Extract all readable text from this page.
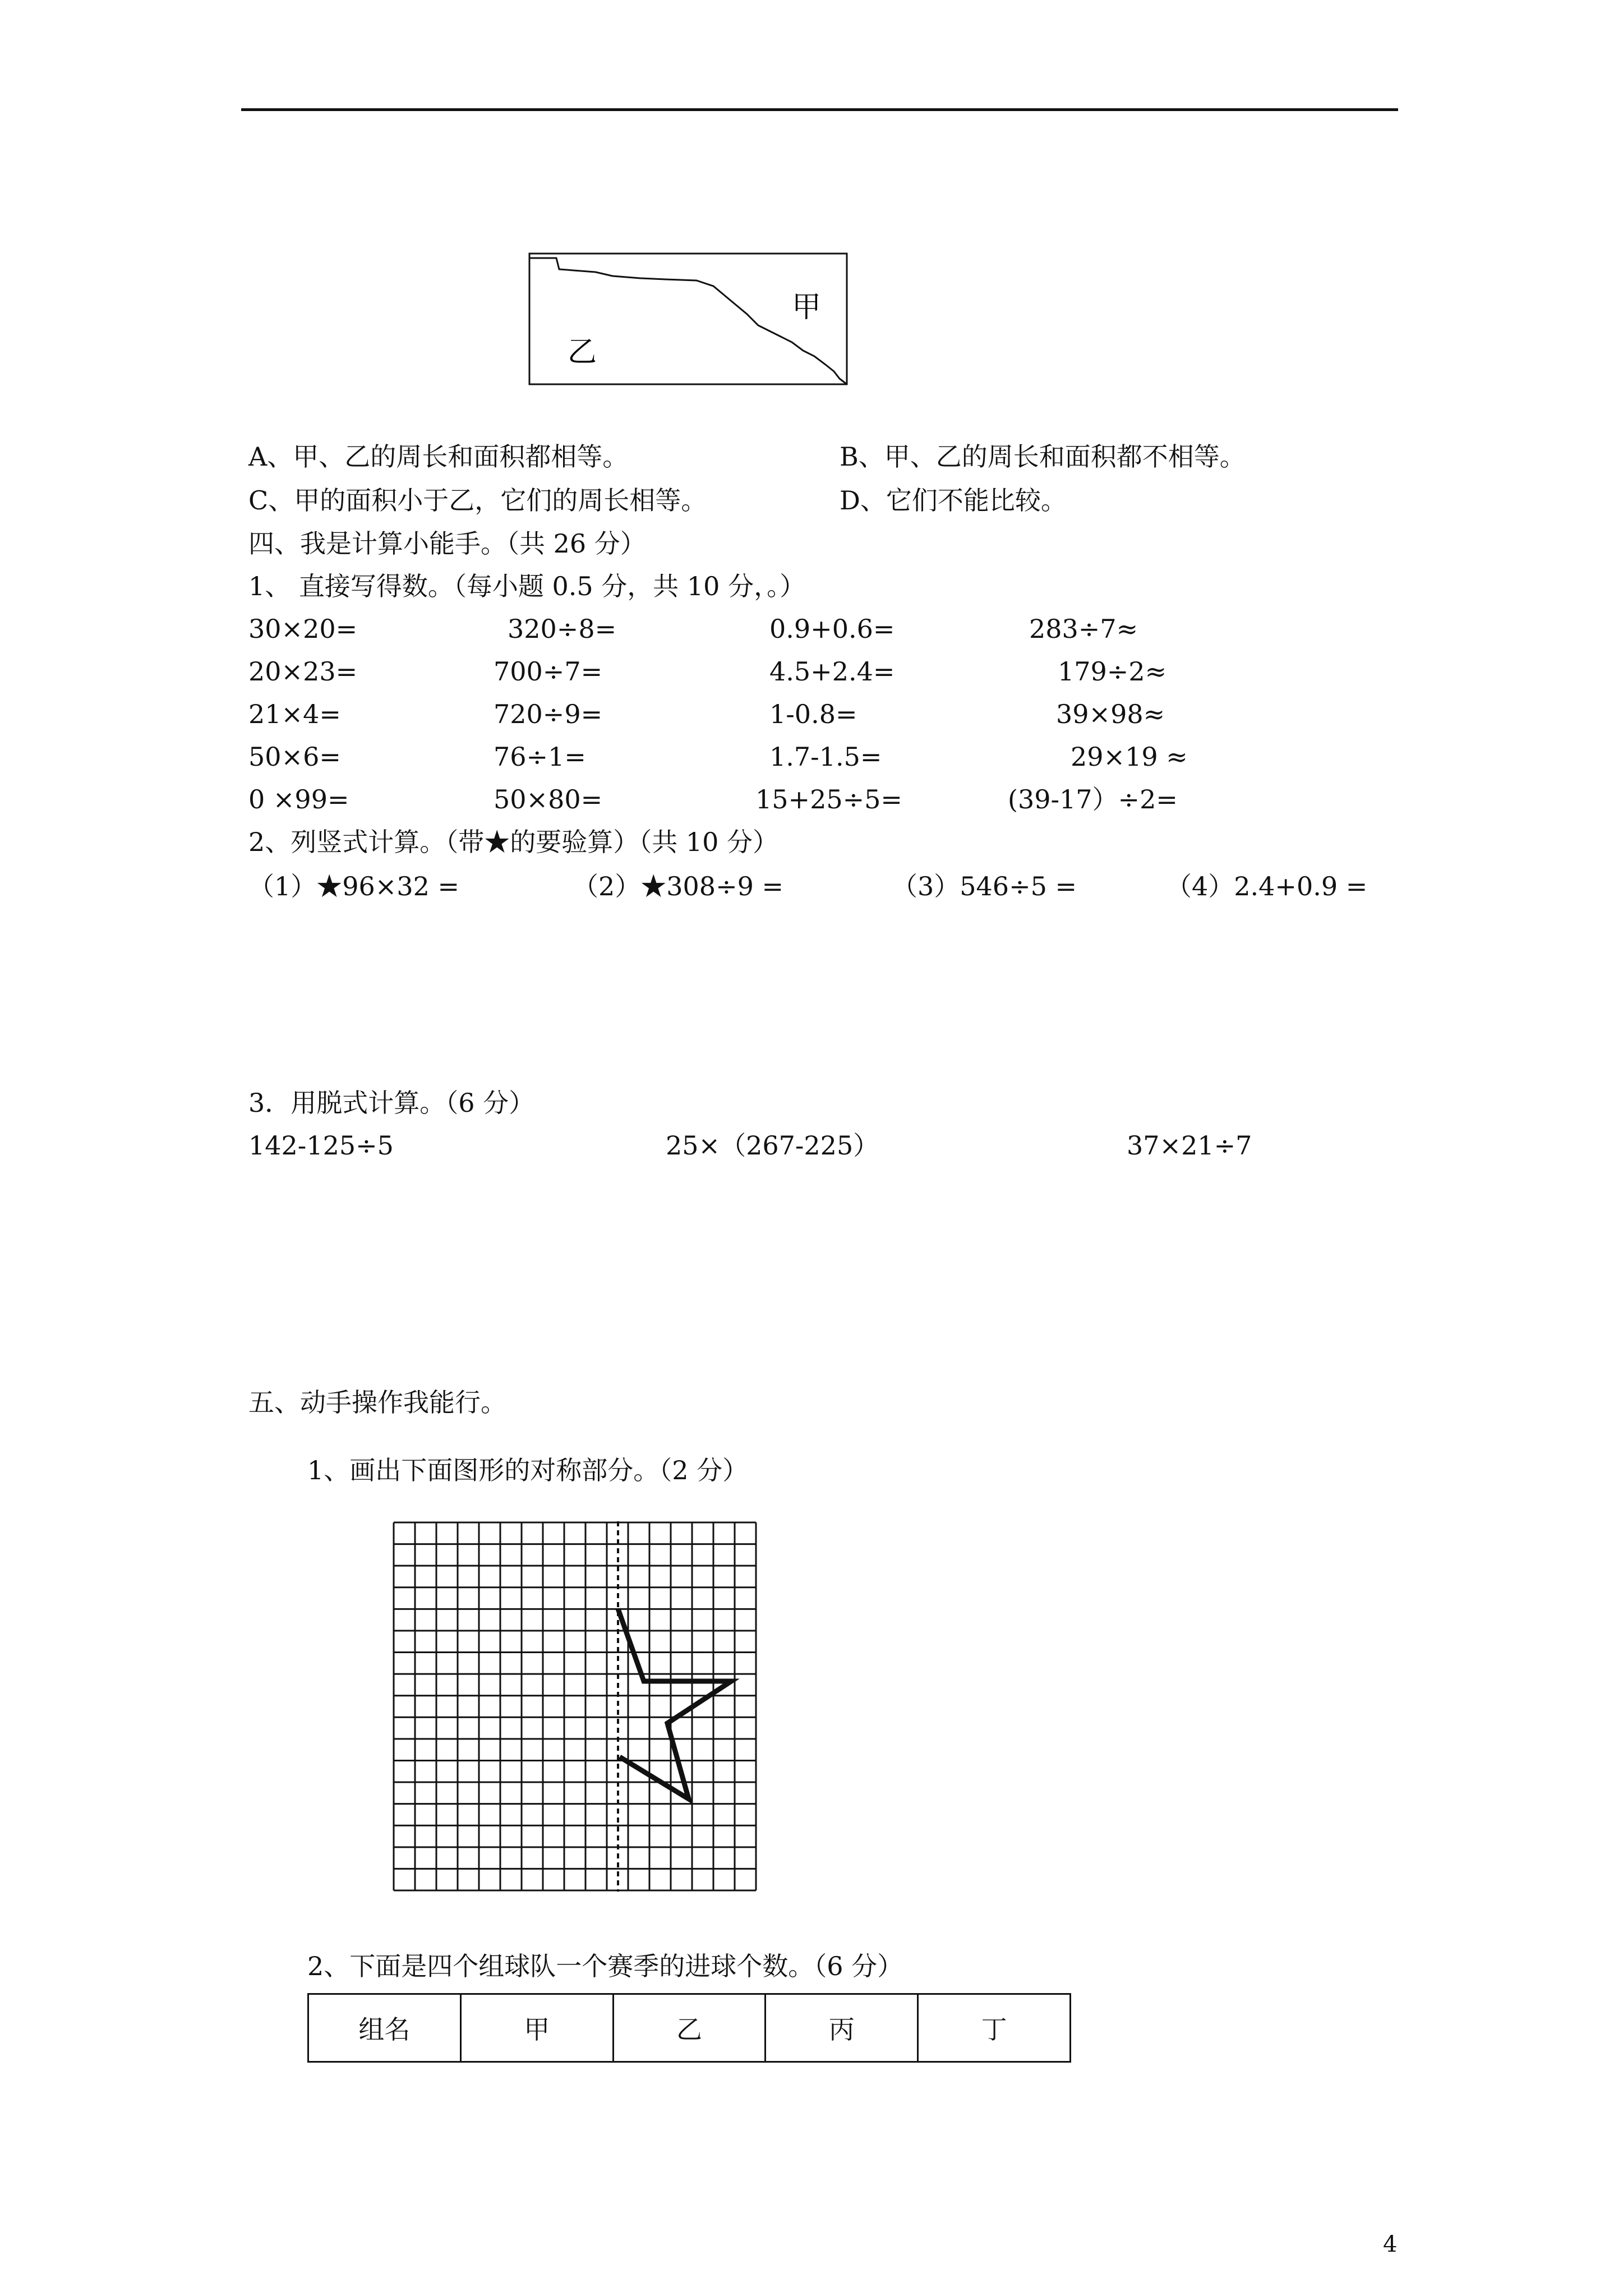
甲
乙
A、甲、乙的周长和面积都相等。	B、甲、乙的周长和面积都不相等。
C、甲的面积小于乙，它们的周长相等。	D、它们不能比较。
四、我是计算小能手。（共 26 分）
1、 直接写得数。（每小题 0.5 分，共 10 分，。）
30×20=	320÷8=	0.9+0.6=	283÷7≈
20×23=	700÷7=	4.5+2.4=	179÷2≈
21×4=	720÷9=	1-0.8=	39×98≈
50×6=	76÷1=	1.7-1.5=	29×19 ≈
0 ×99=	50×80=	15+25÷5=	(39-17）÷2=
2、列竖式计算。（带★的要验算）（共 10 分）
（1）★96×32 =	（2）★308÷9 =	（3）546÷5 =	（4）2.4+0.9 =
3．用脱式计算。（6 分）
142-125÷5	25×（267-225）	37×21÷7
五、动手操作我能行。
1、画出下面图形的对称部分。（2 分）
2、下面是四个组球队一个赛季的进球个数。（6 分）
组名	甲	乙	丙	丁
4
